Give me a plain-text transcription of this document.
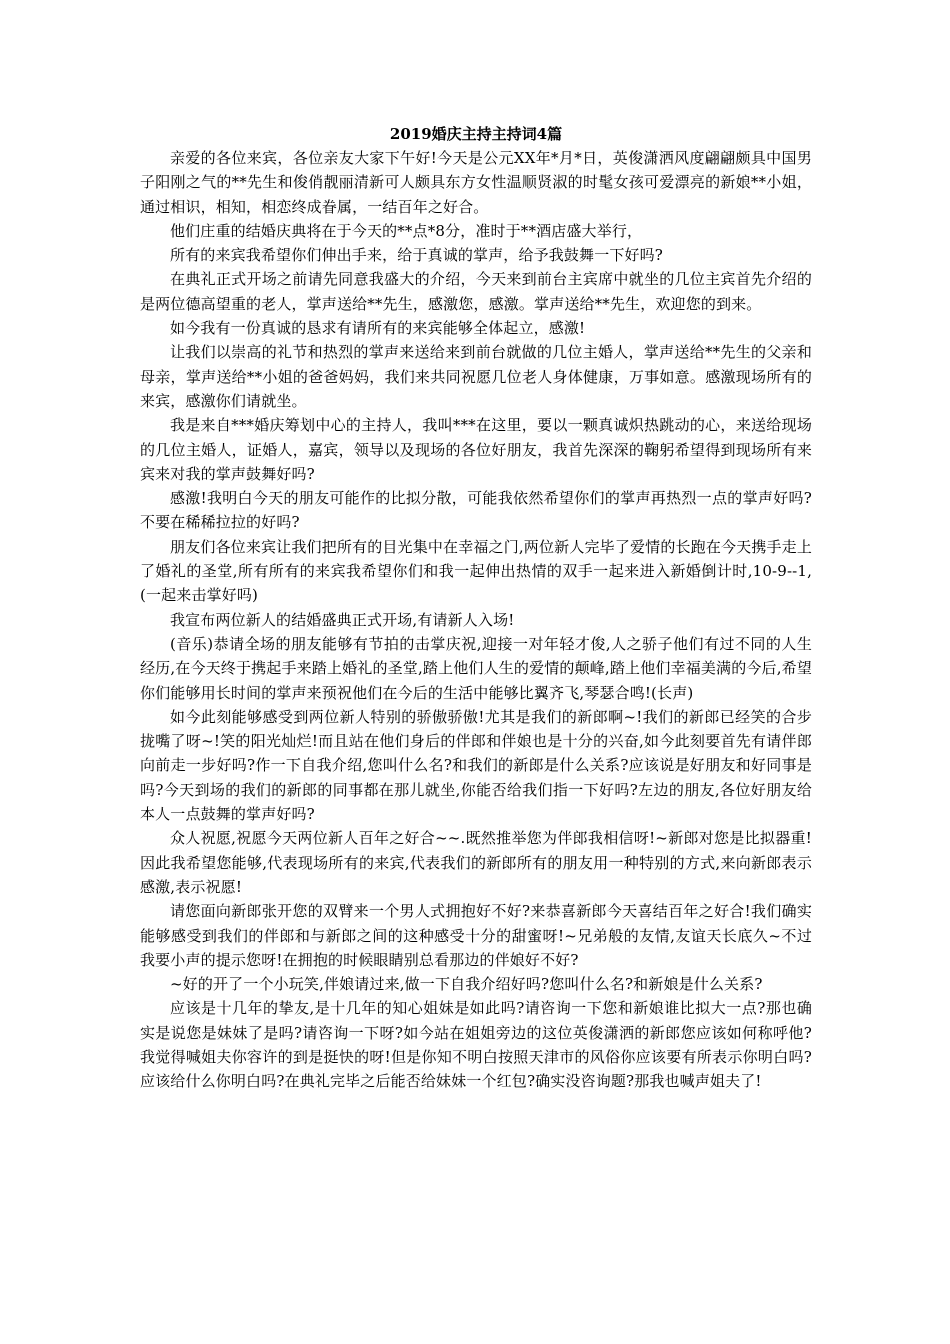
2019婚庆主持主持词4篇

亲爱的各位来宾，各位亲友大家下午好!今天是公元XX年*月*日，英俊潇洒风度翩翩颇具中国男子阳刚之气的**先生和俊俏靓丽清新可人颇具东方女性温顺贤淑的时髦女孩可爱漂亮的新娘**小姐，通过相识，相知，相恋终成眷属，一结百年之好合。

他们庄重的结婚庆典将在于今天的**点*8分，准时于**酒店盛大举行，

所有的来宾我希望你们伸出手来，给于真诚的掌声，给予我鼓舞一下好吗?

在典礼正式开场之前请先同意我盛大的介绍，今天来到前台主宾席中就坐的几位主宾首先介绍的是两位德高望重的老人，掌声送给**先生，感激您，感激。掌声送给**先生，欢迎您的到来。

如今我有一份真诚的恳求有请所有的来宾能够全体起立，感激!

让我们以崇高的礼节和热烈的掌声来送给来到前台就做的几位主婚人，掌声送给**先生的父亲和母亲，掌声送给**小姐的爸爸妈妈，我们来共同祝愿几位老人身体健康，万事如意。感激现场所有的来宾，感激你们请就坐。

我是来自***婚庆筹划中心的主持人，我叫***在这里，要以一颗真诚炽热跳动的心，来送给现场的几位主婚人，证婚人，嘉宾，领导以及现场的各位好朋友，我首先深深的鞠躬希望得到现场所有来宾来对我的掌声鼓舞好吗?

感激!我明白今天的朋友可能作的比拟分散，可能我依然希望你们的掌声再热烈一点的掌声好吗?不要在稀稀拉拉的好吗?

朋友们各位来宾让我们把所有的目光集中在幸福之门,两位新人完毕了爱情的长跑在今天携手走上了婚礼的圣堂,所有所有的来宾我希望你们和我一起伸出热情的双手一起来进入新婚倒计时,10-9--1,(一起来击掌好吗)

我宣布两位新人的结婚盛典正式开场,有请新人入场!

(音乐)恭请全场的朋友能够有节拍的击掌庆祝,迎接一对年轻才俊,人之骄子他们有过不同的人生经历,在今天终于携起手来踏上婚礼的圣堂,踏上他们人生的爱情的颠峰,踏上他们幸福美满的今后,希望你们能够用长时间的掌声来预祝他们在今后的生活中能够比翼齐飞,琴瑟合鸣!(长声)

如今此刻能够感受到两位新人特别的骄傲骄傲!尤其是我们的新郎啊~!我们的新郎已经笑的合步拢嘴了呀~!笑的阳光灿烂!而且站在他们身后的伴郎和伴娘也是十分的兴奋,如今此刻要首先有请伴郎向前走一步好吗?作一下自我介绍,您叫什么名?和我们的新郎是什么关系?应该说是好朋友和好同事是吗?今天到场的我们的新郎的同事都在那儿就坐,你能否给我们指一下好吗?左边的朋友,各位好朋友给本人一点鼓舞的掌声好吗?

众人祝愿,祝愿今天两位新人百年之好合~~.既然推举您为伴郎我相信呀!~新郎对您是比拟器重!因此我希望您能够,代表现场所有的来宾,代表我们的新郎所有的朋友用一种特别的方式,来向新郎表示感激,表示祝愿!

请您面向新郎张开您的双臂来一个男人式拥抱好不好?来恭喜新郎今天喜结百年之好合!我们确实能够感受到我们的伴郎和与新郎之间的这种感受十分的甜蜜呀!~兄弟般的友情,友谊天长底久~不过我要小声的提示您呀!在拥抱的时候眼睛别总看那边的伴娘好不好?

~好的开了一个小玩笑,伴娘请过来,做一下自我介绍好吗?您叫什么名?和新娘是什么关系?

应该是十几年的挚友,是十几年的知心姐妹是如此吗?请咨询一下您和新娘谁比拟大一点?那也确实是说您是妹妹了是吗?请咨询一下呀?如今站在姐姐旁边的这位英俊潇洒的新郎您应该如何称呼他?我觉得喊姐夫你容许的到是挺快的呀!但是你知不明白按照天津市的风俗你应该要有所表示你明白吗?应该给什么你明白吗?在典礼完毕之后能否给妹妹一个红包?确实没咨询题?那我也喊声姐夫了!
